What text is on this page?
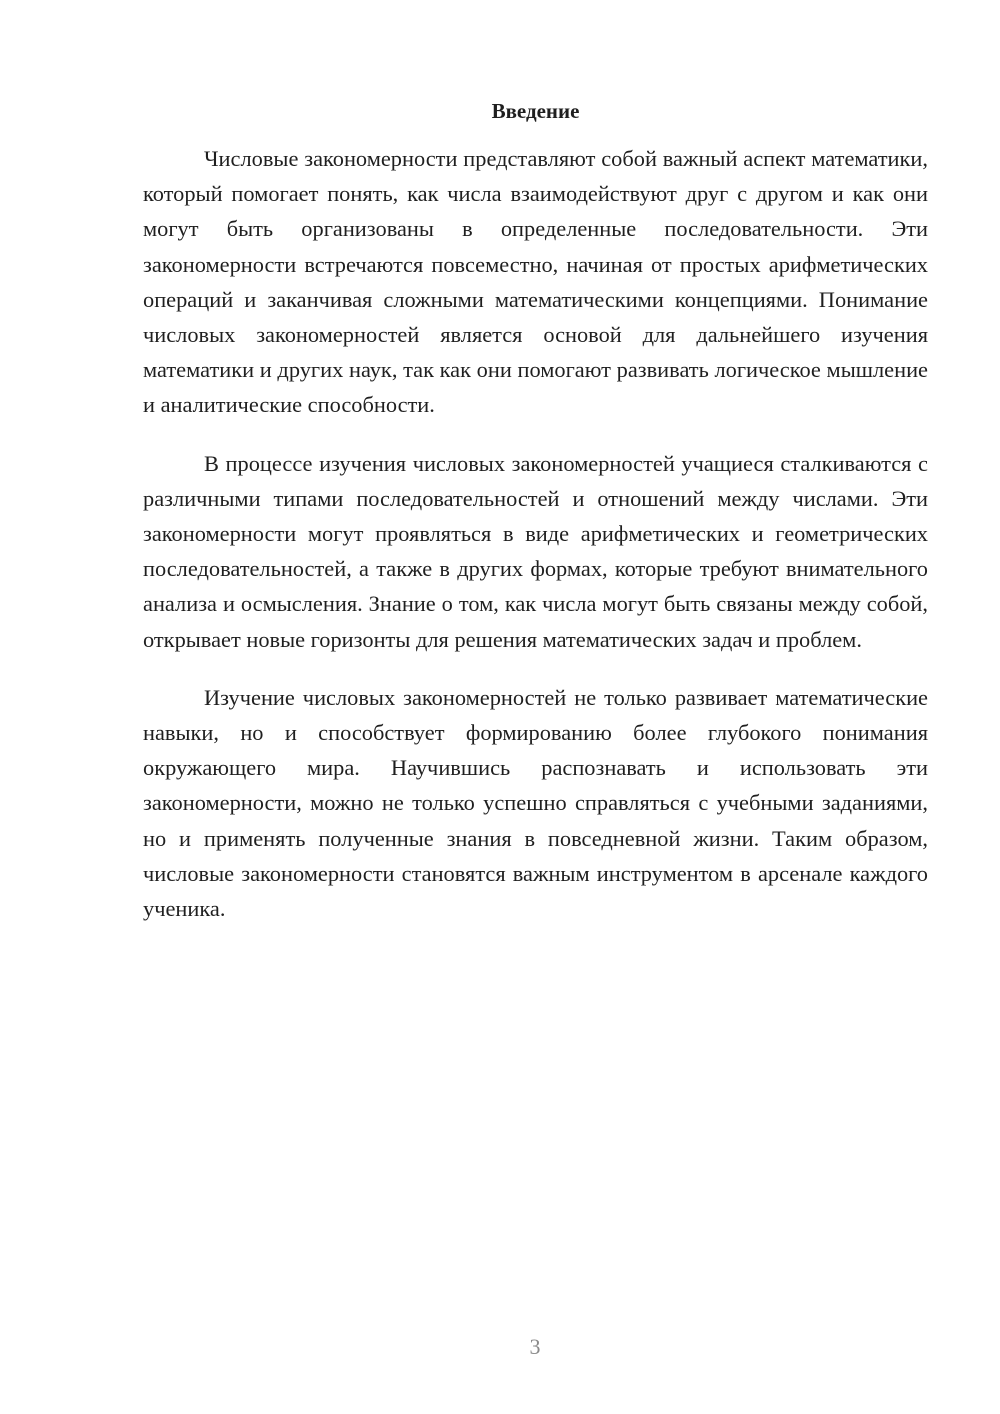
Введение

Числовые закономерности представляют собой важный аспект математики, который помогает понять, как числа взаимодействуют друг с другом и как они могут быть организованы в определенные последовательности. Эти закономерности встречаются повсеместно, начиная от простых арифметических операций и заканчивая сложными математическими концепциями. Понимание числовых закономерностей является основой для дальнейшего изучения математики и других наук, так как они помогают развивать логическое мышление и аналитические способности.

В процессе изучения числовых закономерностей учащиеся сталкиваются с различными типами последовательностей и отношений между числами. Эти закономерности могут проявляться в виде арифметических и геометрических последовательностей, а также в других формах, которые требуют внимательного анализа и осмысления. Знание о том, как числа могут быть связаны между собой, открывает новые горизонты для решения математических задач и проблем.

Изучение числовых закономерностей не только развивает математические навыки, но и способствует формированию более глубокого понимания окружающего мира. Научившись распознавать и использовать эти закономерности, можно не только успешно справляться с учебными заданиями, но и применять полученные знания в повседневной жизни. Таким образом, числовые закономерности становятся важным инструментом в арсенале каждого ученика.

3
